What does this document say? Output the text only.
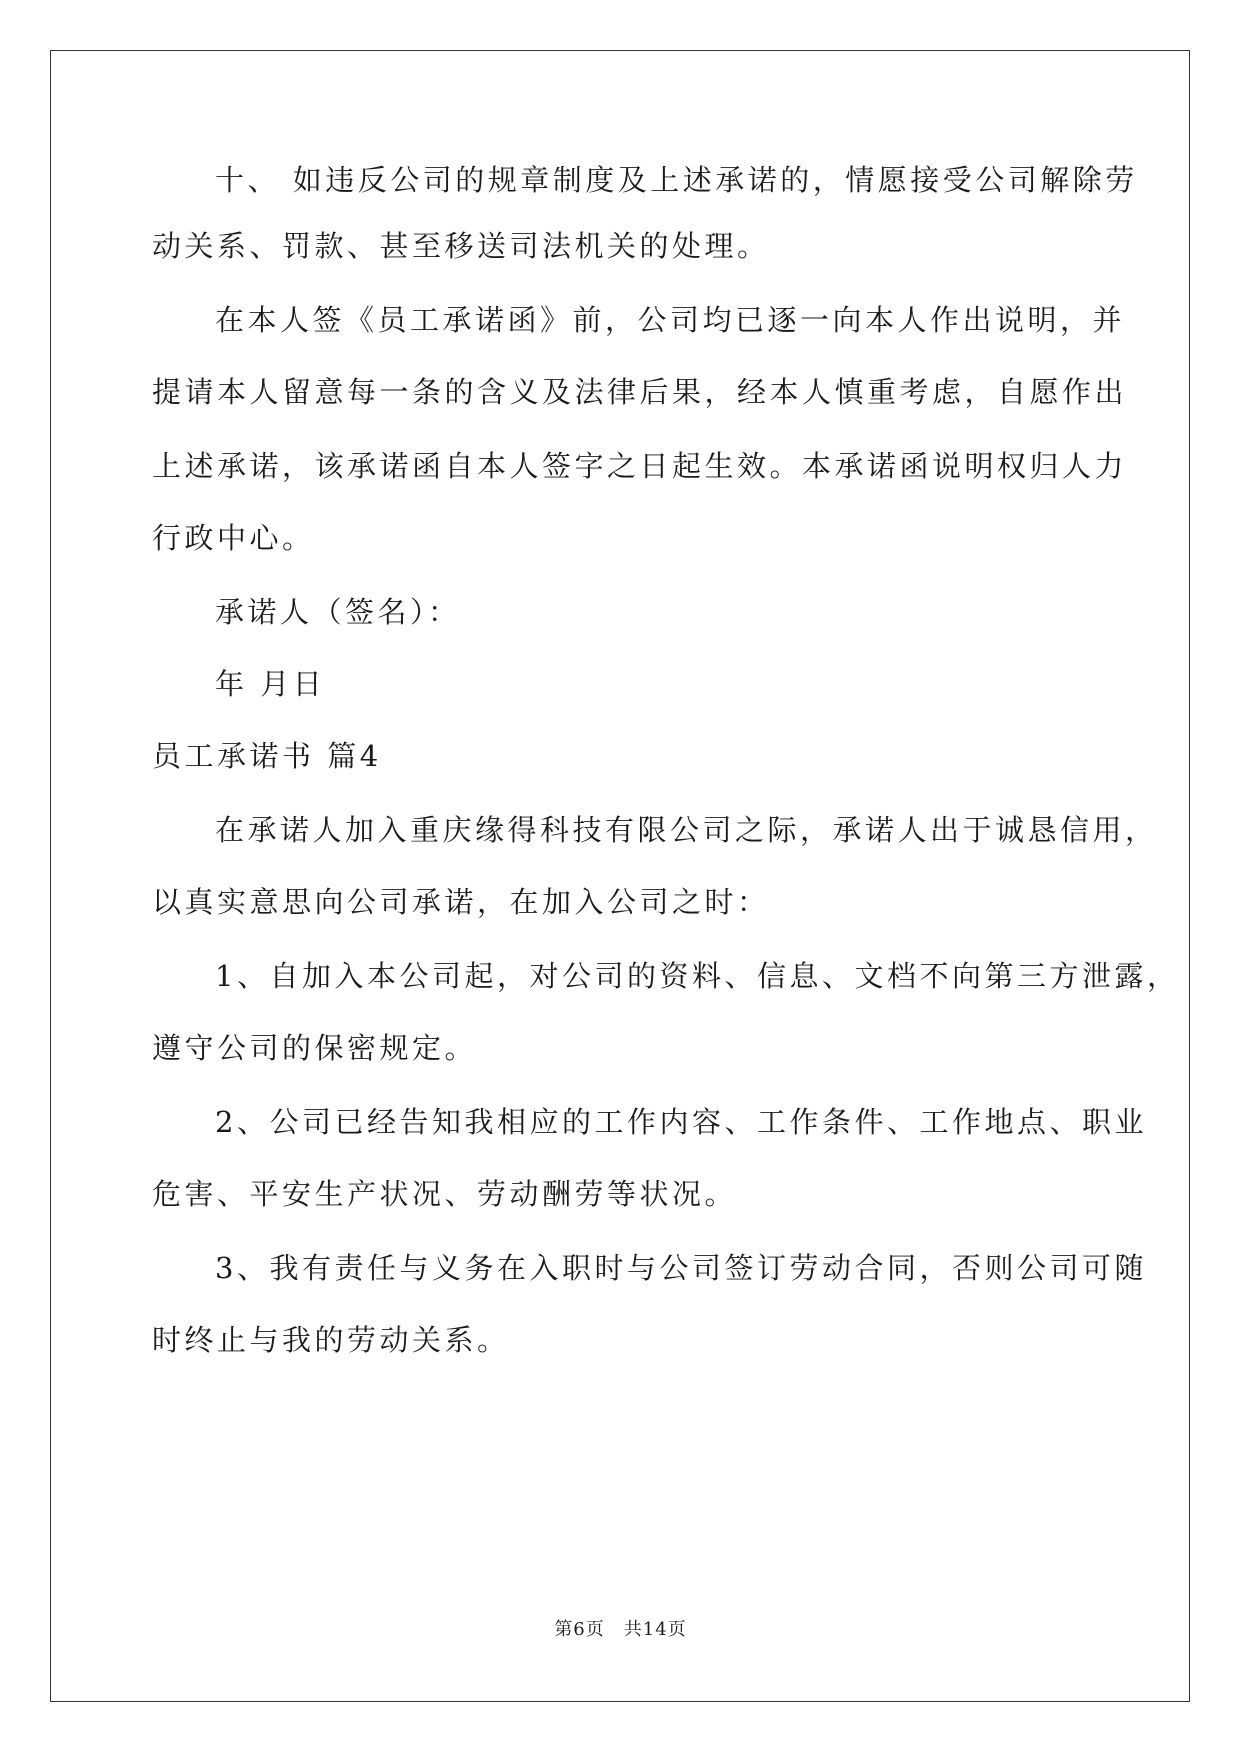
十、 如违反公司的规章制度及上述承诺的，情愿接受公司解除劳
动关系、罚款、甚至移送司法机关的处理。
在本人签《员工承诺函》前，公司均已逐一向本人作出说明，并
提请本人留意每一条的含义及法律后果，经本人慎重考虑，自愿作出
上述承诺，该承诺函自本人签字之日起生效。本承诺函说明权归人力
行政中心。
承诺人（签名）：
年 月日
员工承诺书 篇4
在承诺人加入重庆缘得科技有限公司之际，承诺人出于诚恳信用，
以真实意思向公司承诺，在加入公司之时：
1、自加入本公司起，对公司的资料、信息、文档不向第三方泄露，
遵守公司的保密规定。
2、公司已经告知我相应的工作内容、工作条件、工作地点、职业
危害、平安生产状况、劳动酬劳等状况。
3、我有责任与义务在入职时与公司签订劳动合同，否则公司可随
时终止与我的劳动关系。
第6页　共14页
